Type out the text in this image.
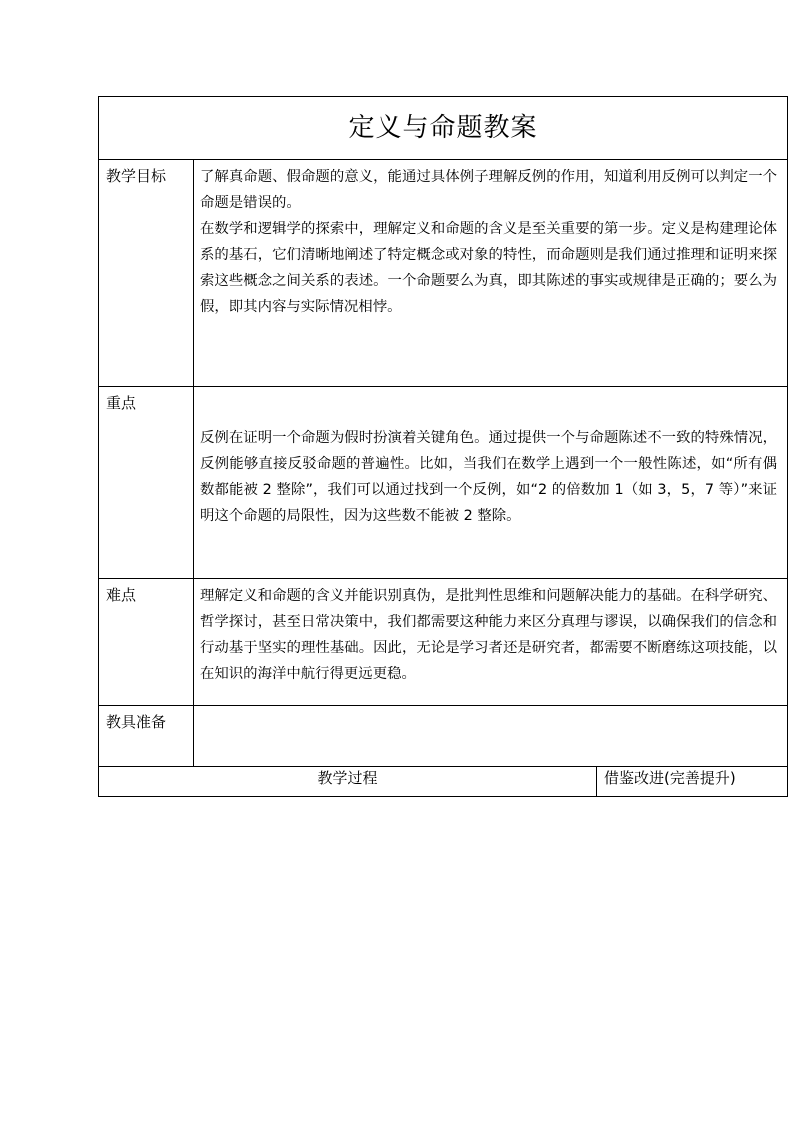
定义与命题教案		
教学目标	了解真命题、假命题的意义，能通过具体例子理解反例的作用，知道利用反例可以判定一个命题是错误的。

在数学和逻辑学的探索中，理解定义和命题的含义是至关重要的第一步。定义是构建理论体系的基石，它们清晰地阐述了特定概念或对象的特性，而命题则是我们通过推理和证明来探索这些概念之间关系的表述。一个命题要么为真，即其陈述的事实或规律是正确的；要么为假，即其内容与实际情况相悖。	

重点	反例在证明一个命题为假时扮演着关键角色。通过提供一个与命题陈述不一致的特殊情况，反例能够直接反驳命题的普遍性。比如，当我们在数学上遇到一个一般性陈述，如“所有偶数都能被 2 整除”，我们可以通过找到一个反例，如“2 的倍数加 1（如 3，5，7 等）”来证明这个命题的局限性，因为这些数不能被 2 整除。	

难点	理解定义和命题的含义并能识别真伪，是批判性思维和问题解决能力的基础。在科学研究、哲学探讨，甚至日常决策中，我们都需要这种能力来区分真理与谬误，以确保我们的信念和行动基于坚实的理性基础。因此，无论是学习者还是研究者，都需要不断磨练这项技能，以在知识的海洋中航行得更远更稳。	

教具准备		
教学过程		借鉴改进(完善提升)
